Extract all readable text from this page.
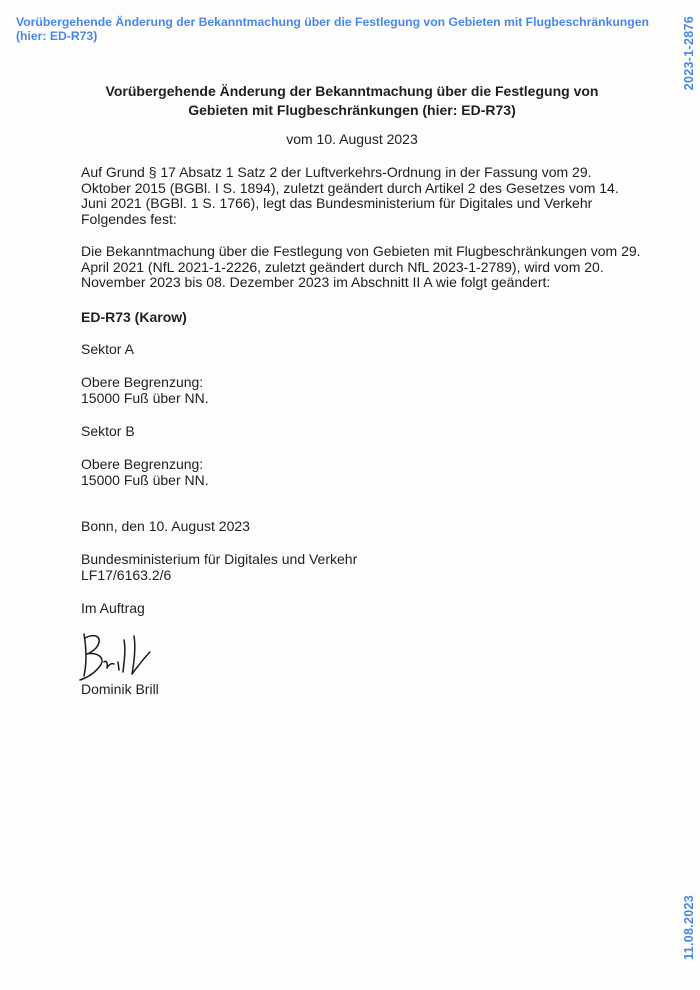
Vorübergehende Änderung der Bekanntmachung über die Festlegung von Gebieten mit Flugbeschränkungen (hier: ED-R73)	2023-1-2876
11.08.2023
Vorübergehende Änderung der Bekanntmachung über die Festlegung von Gebieten mit Flugbeschränkungen (hier: ED-R73)
vom 10. August 2023
Auf Grund § 17 Absatz 1 Satz 2 der Luftverkehrs-Ordnung in der Fassung vom 29. Oktober 2015 (BGBl. I S. 1894), zuletzt geändert durch Artikel 2 des Gesetzes vom 14. Juni 2021 (BGBl. 1 S. 1766), legt das Bundesministerium für Digitales und Verkehr Folgendes fest:
Die Bekanntmachung über die Festlegung von Gebieten mit Flugbeschränkungen vom 29. April 2021 (NfL 2021-1-2226, zuletzt geändert durch NfL 2023-1-2789), wird vom 20. November 2023 bis 08. Dezember 2023 im Abschnitt II A wie folgt geändert:
ED-R73 (Karow)
Sektor A
Obere Begrenzung:
15000 Fuß über NN.
Sektor B
Obere Begrenzung:
15000 Fuß über NN.
Bonn, den 10. August 2023
Bundesministerium für Digitales und Verkehr
LF17/6163.2/6
Im Auftrag
Dominik Brill
